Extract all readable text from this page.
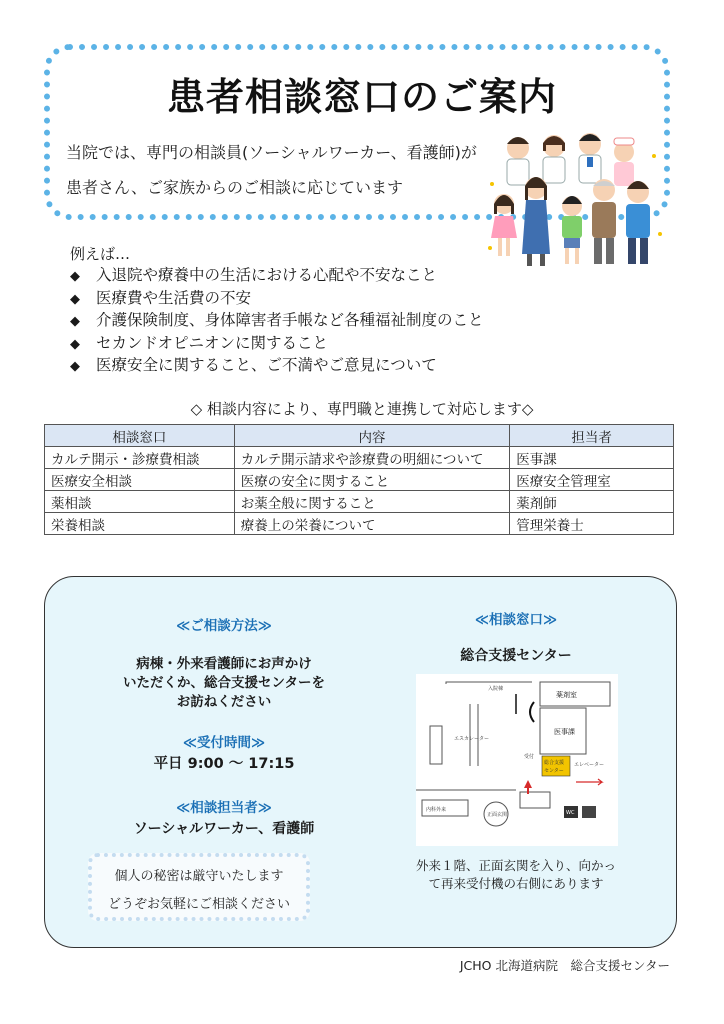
患者相談窓口のご案内
当院では、専門の相談員(ソーシャルワーカー、看護師)が
患者さん、ご家族からのご相談に応じています
例えば…
◆ 入退院や療養中の生活における心配や不安なこと
◆ 医療費や生活費の不安
◆ 介護保険制度、身体障害者手帳など各種福祉制度のこと
◆ セカンドオピニオンに関すること
◆ 医療安全に関すること、ご不満やご意見について
◇ 相談内容により、専門職と連携して対応します◇
相談窓口	内容	担当者
カルテ開示・診療費相談	カルテ開示請求や診療費の明細について	医事課
医療安全相談	医療の安全に関すること	医療安全管理室
薬相談	お薬全般に関すること	薬剤師
栄養相談	療養上の栄養について	管理栄養士
≪ご相談方法≫
病棟・外来看護師にお声かけ
いただくか、総合支援センターを
お訪ねください
≪受付時間≫
平日 9:00 ～ 17:15
≪相談担当者≫
ソーシャルワーカー、看護師
個人の秘密は厳守いたします
どうぞお気軽にご相談ください
≪相談窓口≫
総合支援センター
薬剤室
医事課
総合支援
センター
内科外来
正面玄関
エレベーター
エスカレーター
WC
入院棟
受付
外来１階、正面玄関を入り、向かっ
て再来受付機の右側にあります
JCHO 北海道病院　総合支援センター
